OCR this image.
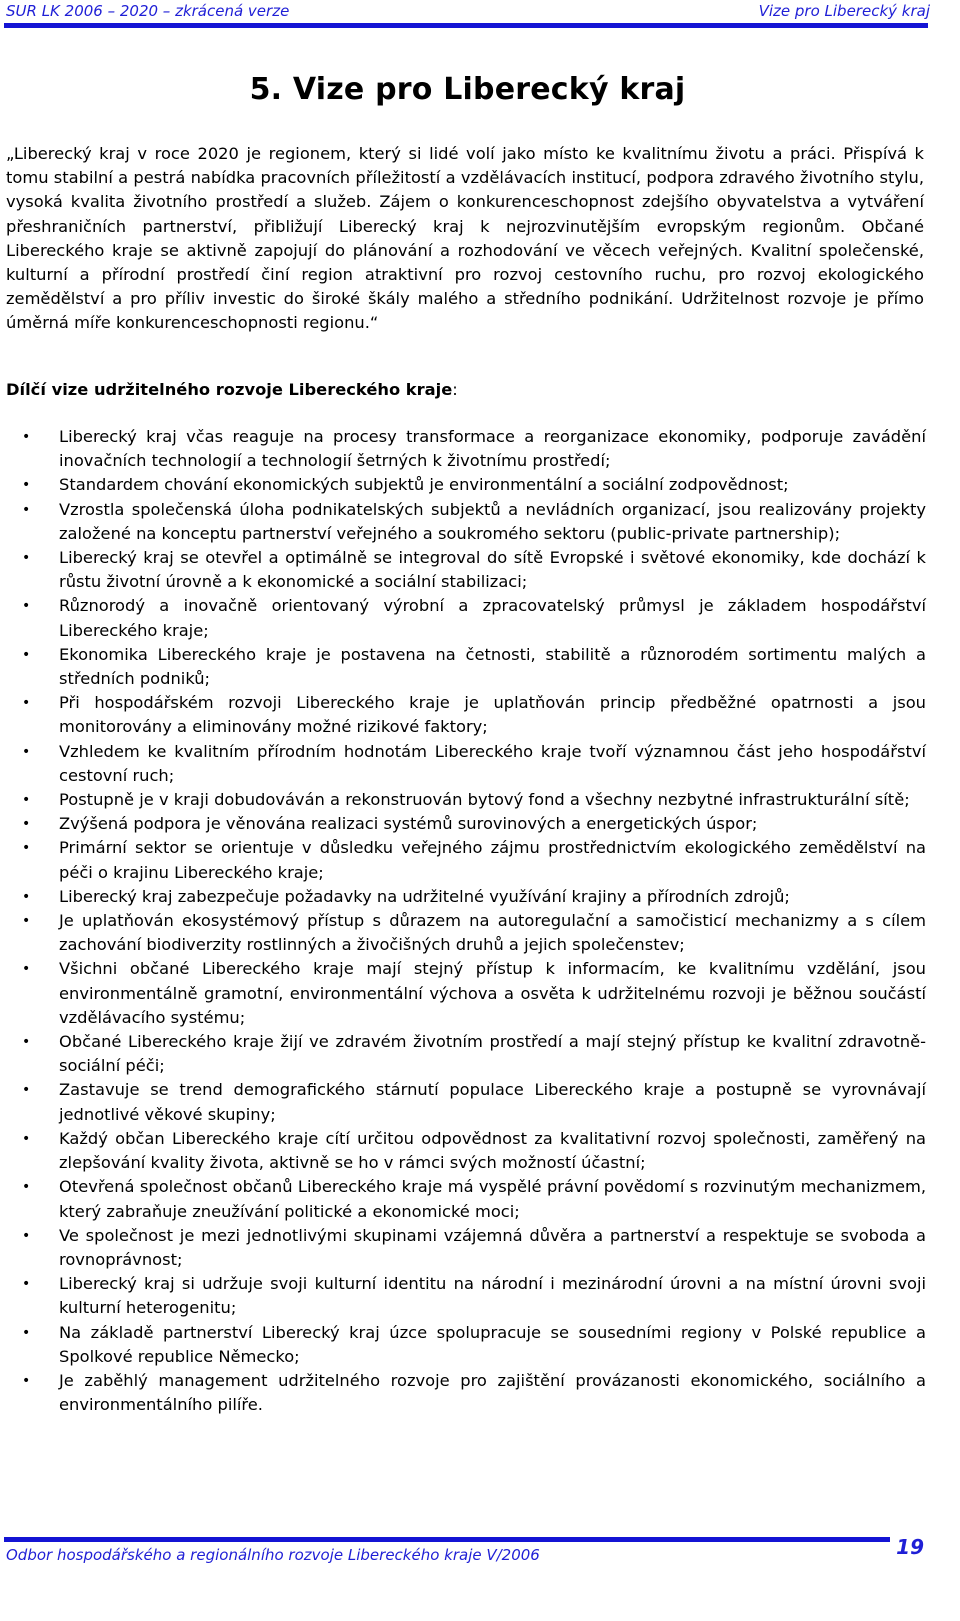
SUR LK 2006 – 2020 – zkrácená verze	Vize pro Liberecký kraj
5. Vize pro Liberecký kraj

„Liberecký kraj v roce 2020 je regionem, který si lidé volí jako místo ke kvalitnímu životu a práci. Přispívá k tomu stabilní a pestrá nabídka pracovních příležitostí a vzdělávacích institucí, podpora zdravého životního stylu, vysoká kvalita životního prostředí a služeb. Zájem o konkurenceschopnost zdejšího obyvatelstva a vytváření přeshraničních partnerství, přibližují Liberecký kraj k nejrozvinutějším evropským regionům. Občané Libereckého kraje se aktivně zapojují do plánování a rozhodování ve věcech veřejných. Kvalitní společenské, kulturní a přírodní prostředí činí region atraktivní pro rozvoj cestovního ruchu, pro rozvoj ekologického zemědělství a pro příliv investic do široké škály malého a středního podnikání. Udržitelnost rozvoje je přímo úměrná míře konkurenceschopnosti regionu.“

Dílčí vize udržitelného rozvoje Libereckého kraje:

• Liberecký kraj včas reaguje na procesy transformace a reorganizace ekonomiky, podporuje zavádění inovačních technologií a technologií šetrných k životnímu prostředí;
• Standardem chování ekonomických subjektů je environmentální a sociální zodpovědnost;
• Vzrostla společenská úloha podnikatelských subjektů a nevládních organizací, jsou realizovány projekty založené na konceptu partnerství veřejného a soukromého sektoru (public-private partnership);
• Liberecký kraj se otevřel a optimálně se integroval do sítě Evropské i světové ekonomiky, kde dochází k růstu životní úrovně a k ekonomické a sociální stabilizaci;
• Různorodý a inovačně orientovaný výrobní a zpracovatelský průmysl je základem hospodářství Libereckého kraje;
• Ekonomika Libereckého kraje je postavena na četnosti, stabilitě a různorodém sortimentu malých a středních podniků;
• Při hospodářském rozvoji Libereckého kraje je uplatňován princip předběžné opatrnosti a jsou monitorovány a eliminovány možné rizikové faktory;
• Vzhledem ke kvalitním přírodním hodnotám Libereckého kraje tvoří významnou část jeho hospodářství cestovní ruch;
• Postupně je v kraji dobudováván a rekonstruován bytový fond a všechny nezbytné infrastrukturální sítě;
• Zvýšená podpora je věnována realizaci systémů surovinových a energetických úspor;
• Primární sektor se orientuje v důsledku veřejného zájmu prostřednictvím ekologického zemědělství na péči o krajinu Libereckého kraje;
• Liberecký kraj zabezpečuje požadavky na udržitelné využívání krajiny a přírodních zdrojů;
• Je uplatňován ekosystémový přístup s důrazem na autoregulační a samočisticí mechanizmy a s cílem zachování biodiverzity rostlinných a živočišných druhů a jejich společenstev;
• Všichni občané Libereckého kraje mají stejný přístup k informacím, ke kvalitnímu vzdělání, jsou environmentálně gramotní, environmentální výchova a osvěta k udržitelnému rozvoji je běžnou součástí vzdělávacího systému;
• Občané Libereckého kraje žijí ve zdravém životním prostředí a mají stejný přístup ke kvalitní zdravotně-sociální péči;
• Zastavuje se trend demografického stárnutí populace Libereckého kraje a postupně se vyrovnávají jednotlivé věkové skupiny;
• Každý občan Libereckého kraje cítí určitou odpovědnost za kvalitativní rozvoj společnosti, zaměřený na zlepšování kvality života, aktivně se ho v rámci svých možností účastní;
• Otevřená společnost občanů Libereckého kraje má vyspělé právní povědomí s rozvinutým mechanizmem, který zabraňuje zneužívání politické a ekonomické moci;
• Ve společnost je mezi jednotlivými skupinami vzájemná důvěra a partnerství a respektuje se svoboda a rovnoprávnost;
• Liberecký kraj si udržuje svoji kulturní identitu na národní i mezinárodní úrovni a na místní úrovni svoji kulturní heterogenitu;
• Na základě partnerství Liberecký kraj úzce spolupracuje se sousedními regiony v Polské republice a Spolkové republice Německo;
• Je zaběhlý management udržitelného rozvoje pro zajištění provázanosti ekonomického, sociálního a environmentálního pilíře.
Odbor hospodářského a regionálního rozvoje Libereckého kraje V/2006	19
